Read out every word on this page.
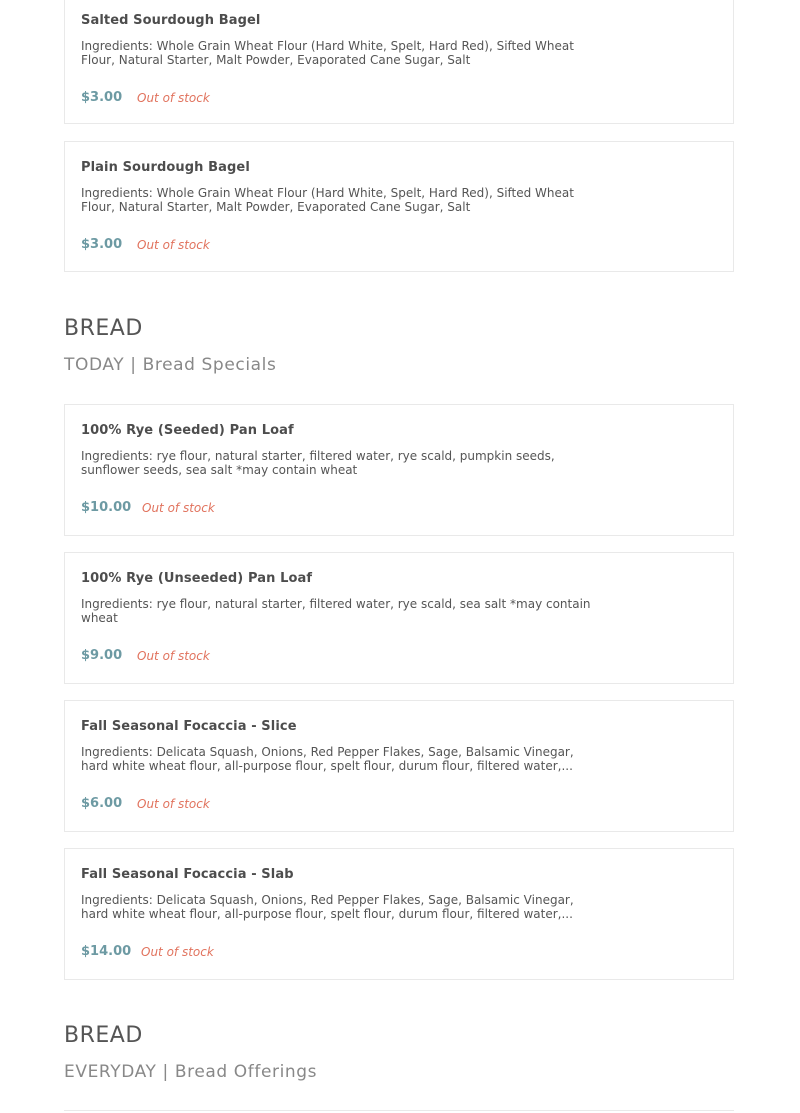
Salted Sourdough Bagel
Ingredients: Whole Grain Wheat Flour (Hard White, Spelt, Hard Red), Sifted Wheat Flour, Natural Starter, Malt Powder, Evaporated Cane Sugar, Salt
$3.00 Out of stock
Plain Sourdough Bagel
Ingredients: Whole Grain Wheat Flour (Hard White, Spelt, Hard Red), Sifted Wheat Flour, Natural Starter, Malt Powder, Evaporated Cane Sugar, Salt
$3.00 Out of stock
BREAD
TODAY | Bread Specials
100% Rye (Seeded) Pan Loaf
Ingredients: rye flour, natural starter, filtered water, rye scald, pumpkin seeds, sunflower seeds, sea salt *may contain wheat
$10.00 Out of stock
100% Rye (Unseeded) Pan Loaf
Ingredients: rye flour, natural starter, filtered water, rye scald, sea salt *may contain wheat
$9.00 Out of stock
Fall Seasonal Focaccia - Slice
Ingredients: Delicata Squash, Onions, Red Pepper Flakes, Sage, Balsamic Vinegar, hard white wheat flour, all-purpose flour, spelt flour, durum flour, filtered water,...
$6.00 Out of stock
Fall Seasonal Focaccia - Slab
Ingredients: Delicata Squash, Onions, Red Pepper Flakes, Sage, Balsamic Vinegar, hard white wheat flour, all-purpose flour, spelt flour, durum flour, filtered water,...
$14.00 Out of stock
BREAD
EVERYDAY | Bread Offerings
